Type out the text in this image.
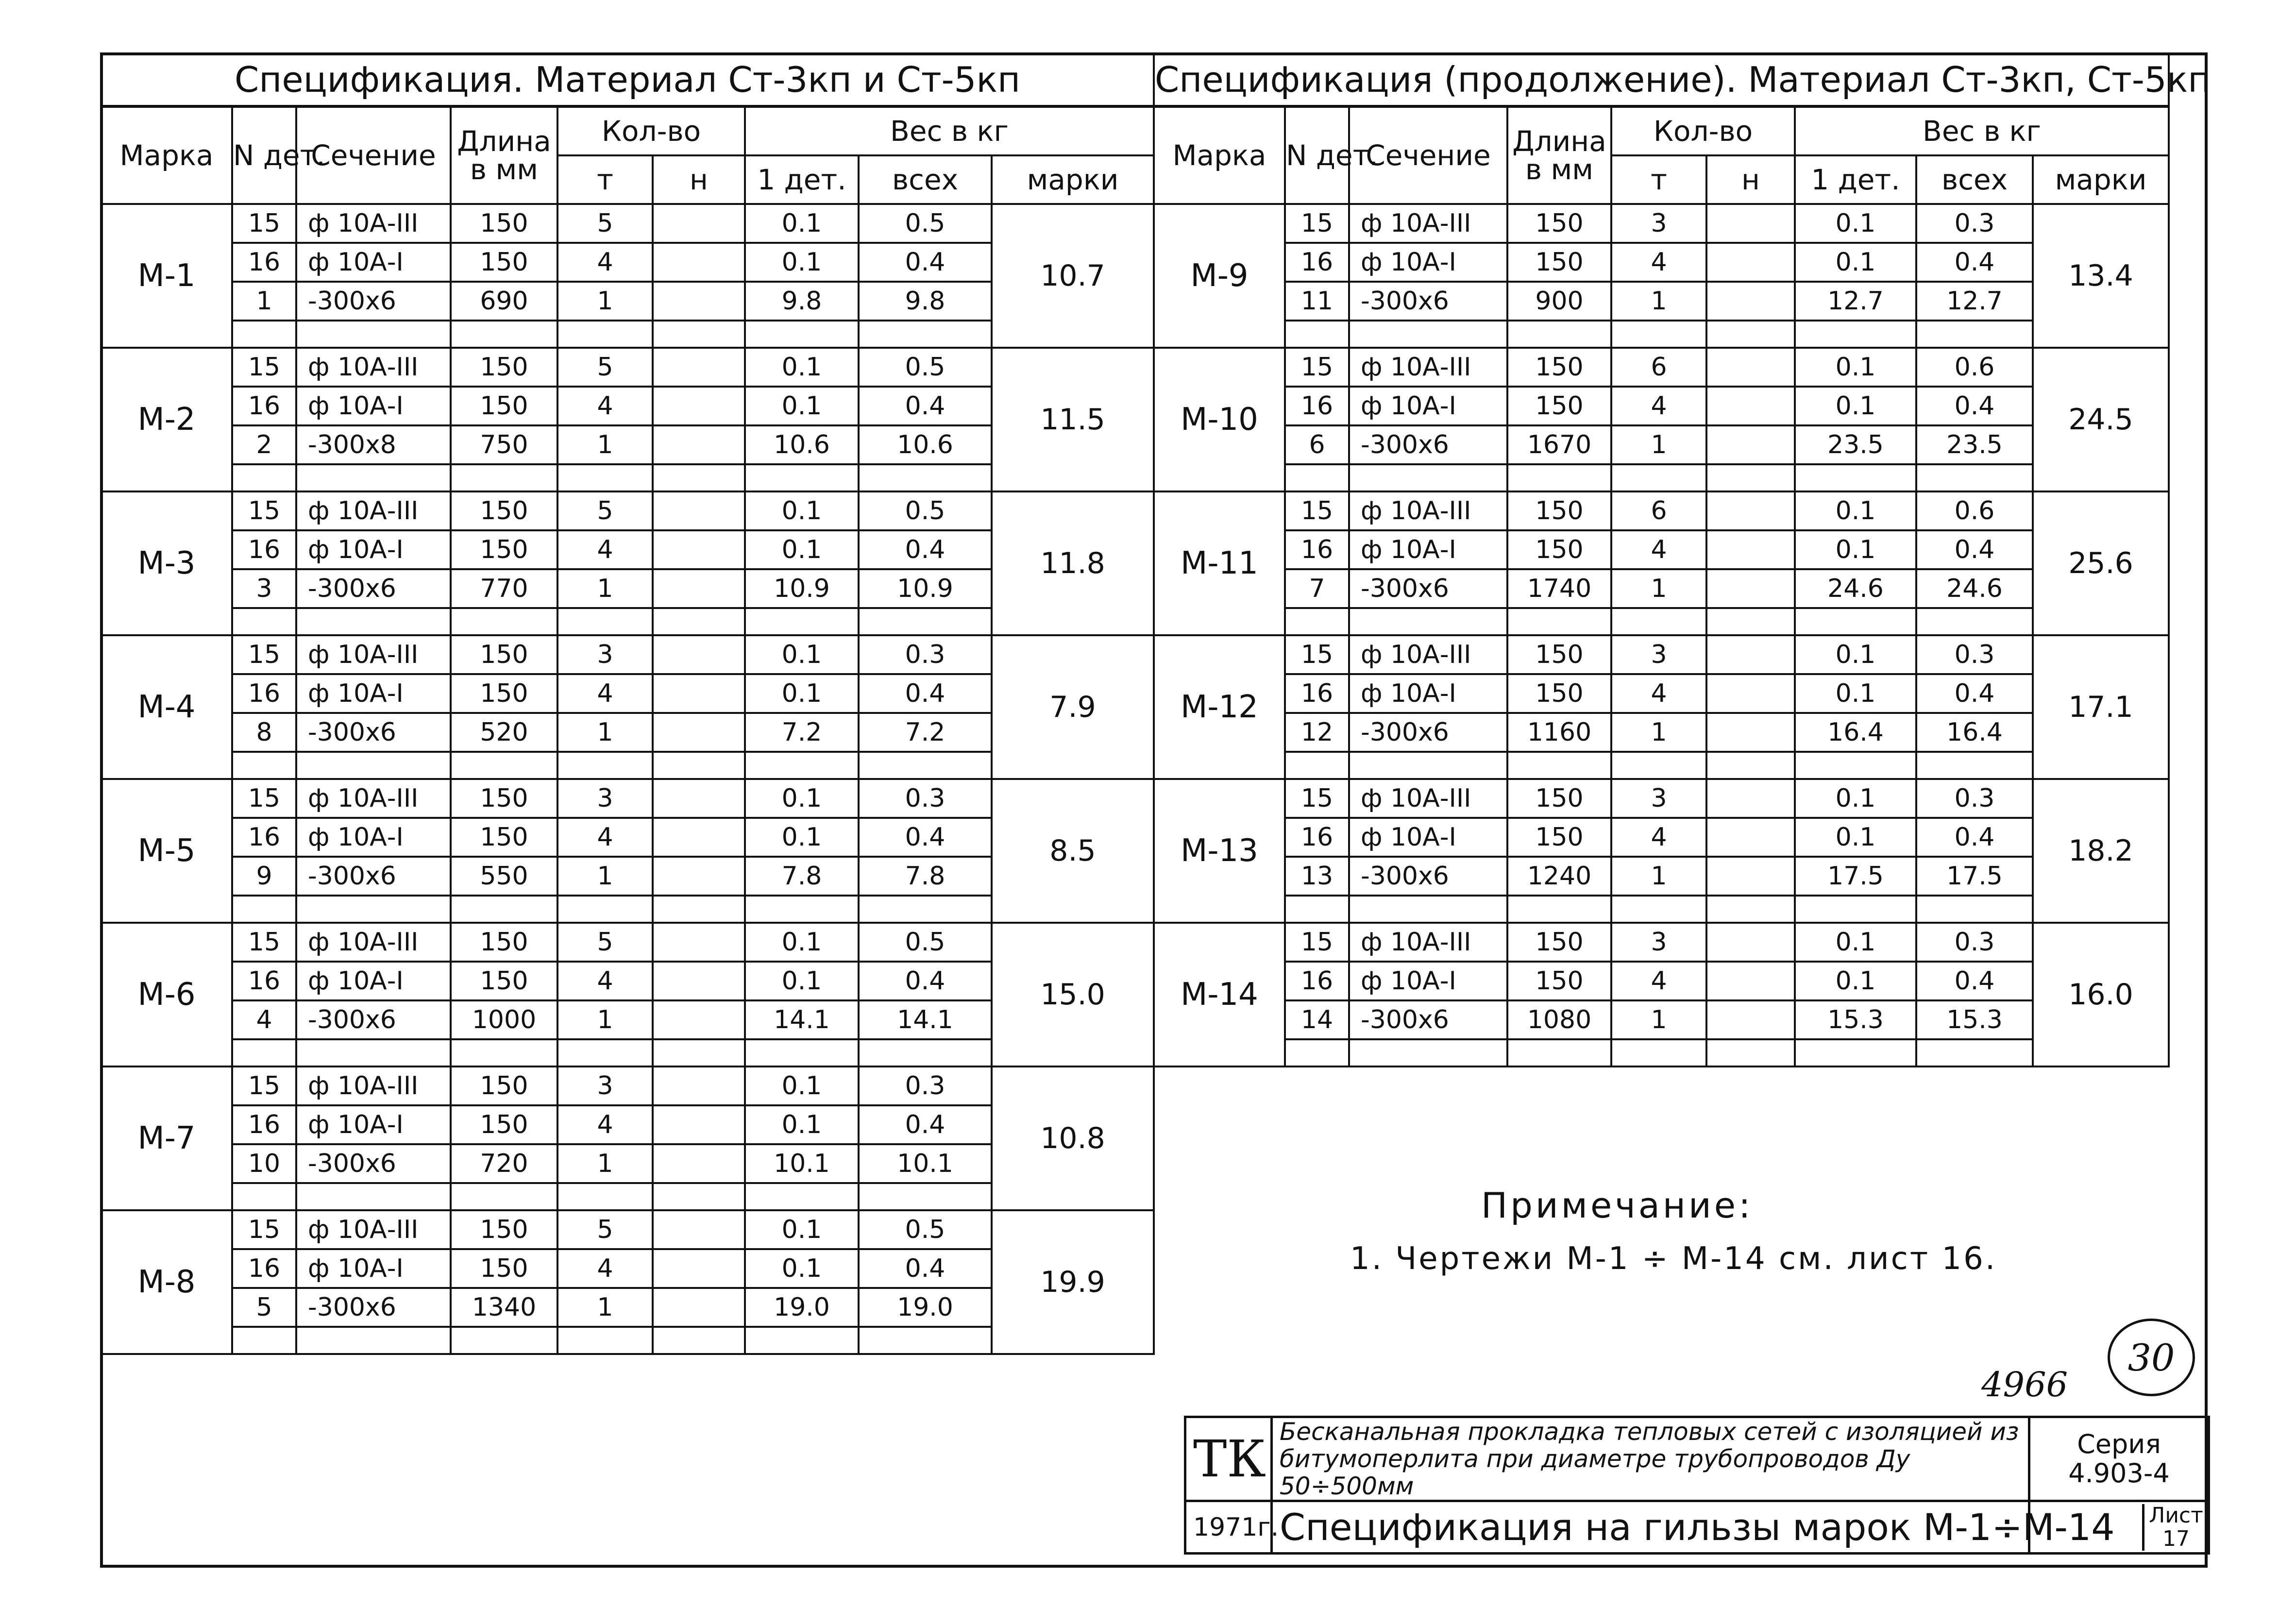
Спецификация. Материал Ст-3кп и Ст-5кп								
Марка	N дет.	Сечение	Длина в мм	Кол-во		Вес в кг		
				т	н	1 дет.	всех	марки
М-1	15	ф 10А-III	150	5		0.1	0.5	10.7
	16	ф 10А-I	150	4		0.1	0.4	
	1	-300x6	690	1		9.8	9.8	

М-2	15	ф 10А-III	150	5		0.1	0.5	11.5
	16	ф 10А-I	150	4		0.1	0.4	
	2	-300x8	750	1		10.6	10.6	

М-3	15	ф 10А-III	150	5		0.1	0.5	11.8
	16	ф 10А-I	150	4		0.1	0.4	
	3	-300x6	770	1		10.9	10.9	

М-4	15	ф 10А-III	150	3		0.1	0.3	7.9
	16	ф 10А-I	150	4		0.1	0.4	
	8	-300x6	520	1		7.2	7.2	

М-5	15	ф 10А-III	150	3		0.1	0.3	8.5
	16	ф 10А-I	150	4		0.1	0.4	
	9	-300x6	550	1		7.8	7.8	

М-6	15	ф 10А-III	150	5		0.1	0.5	15.0
	16	ф 10А-I	150	4		0.1	0.4	
	4	-300x6	1000	1		14.1	14.1	

М-7	15	ф 10А-III	150	3		0.1	0.3	10.8
	16	ф 10А-I	150	4		0.1	0.4	
	10	-300x6	720	1		10.1	10.1	

М-8	15	ф 10А-III	150	5		0.1	0.5	19.9
	16	ф 10А-I	150	4		0.1	0.4	
	5	-300x6	1340	1		19.0	19.0	

Спецификация (продолжение). Материал Ст-3кп, Ст-5кп								
Марка	N дет.	Сечение	Длина в мм	Кол-во		Вес в кг		
				т	н	1 дет.	всех	марки
М-9	15	ф 10А-III	150	3		0.1	0.3	13.4
	16	ф 10А-I	150	4		0.1	0.4	
	11	-300x6	900	1		12.7	12.7	

М-10	15	ф 10А-III	150	6		0.1	0.6	24.5
	16	ф 10А-I	150	4		0.1	0.4	
	6	-300x6	1670	1		23.5	23.5	

М-11	15	ф 10А-III	150	6		0.1	0.6	25.6
	16	ф 10А-I	150	4		0.1	0.4	
	7	-300x6	1740	1		24.6	24.6	

М-12	15	ф 10А-III	150	3		0.1	0.3	17.1
	16	ф 10А-I	150	4		0.1	0.4	
	12	-300x6	1160	1		16.4	16.4	

М-13	15	ф 10А-III	150	3		0.1	0.3	18.2
	16	ф 10А-I	150	4		0.1	0.4	
	13	-300x6	1240	1		17.5	17.5	

М-14	15	ф 10А-III	150	3		0.1	0.3	16.0
	16	ф 10А-I	150	4		0.1	0.4	
	14	-300x6	1080	1		15.3	15.3	

Примечание:
1. Чертежи М-1 ÷ М-14 см. лист 16.
4966
30
ТК	Бесканальная прокладка тепловых сетей с изоляцией из битумоперлита при диаметре трубопроводов Ду 50÷500мм	Серия
4.903-4

1971г.	Спецификация на гильзы марок М-1÷М-14	Лист
17
